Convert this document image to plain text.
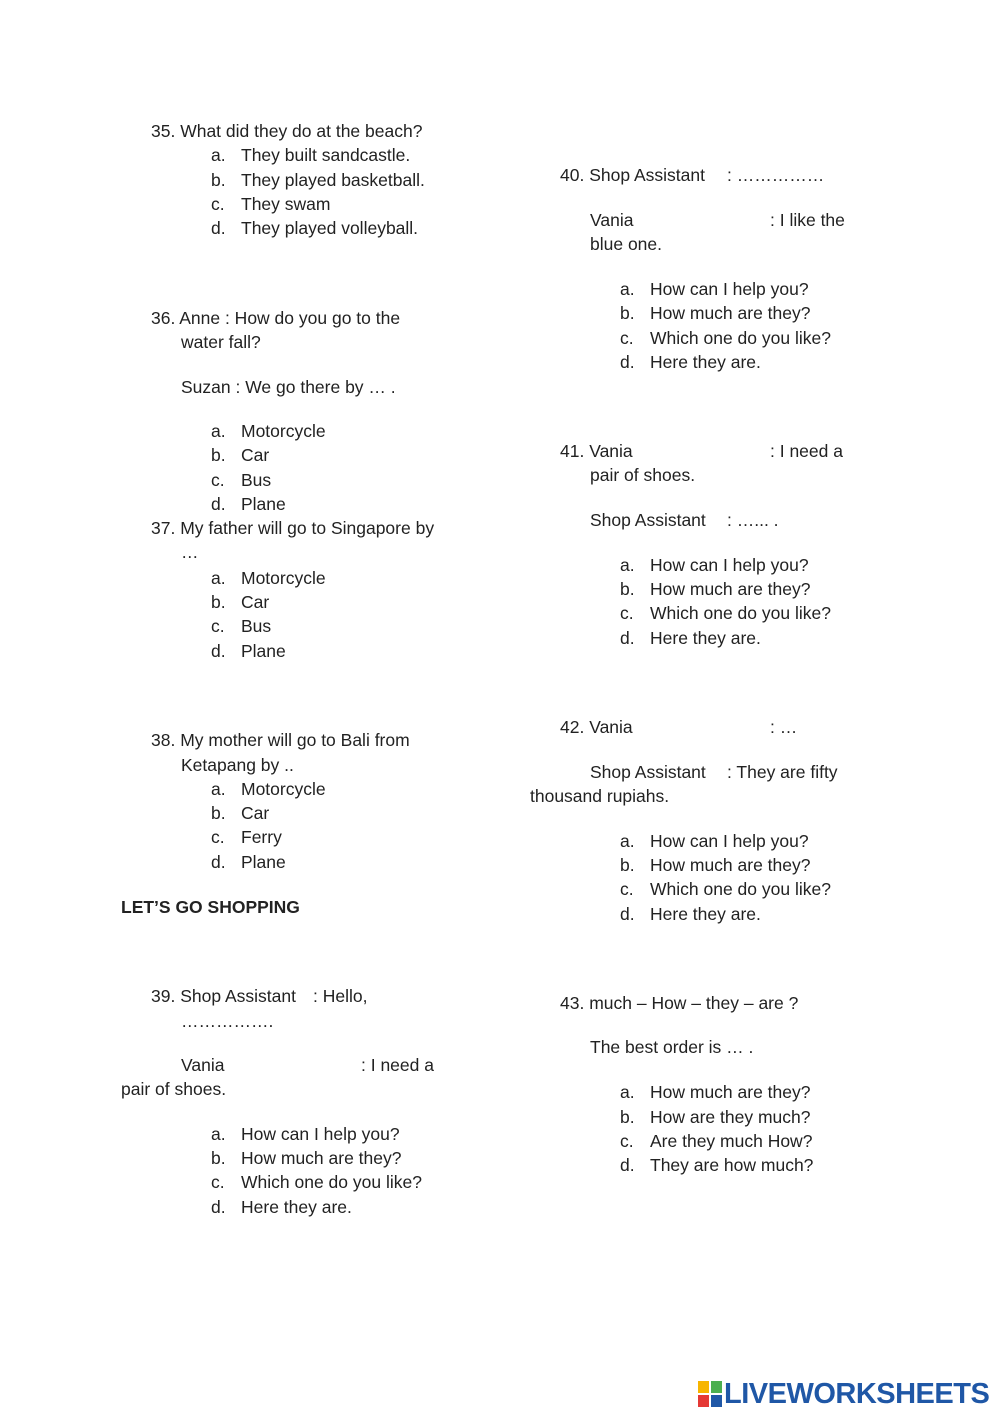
35. What did they do at the beach?
a. They built sandcastle.
b. They played basketball.
c. They swam
d. They played volleyball.
36. Anne : How do you go to the
water fall?
Suzan : We go there by … .
a. Motorcycle
b. Car
c. Bus
d. Plane
37. My father will go to Singapore by
…
a. Motorcycle
b. Car
c. Bus
d. Plane
38. My mother will go to Bali from
Ketapang by ..
a. Motorcycle
b. Car
c. Ferry
d. Plane
LET’S GO SHOPPING
39. Shop Assistant : Hello,
…………….
Vania	: I need a
pair of shoes.
a. How can I help you?
b. How much are they?
c. Which one do you like?
d. Here they are.
40. Shop Assistant : ……………
Vania	: I like the
blue one.
a. How can I help you?
b. How much are they?
c. Which one do you like?
d. Here they are.
41. Vania	: I need a
pair of shoes.
Shop Assistant : …... .
a. How can I help you?
b. How much are they?
c. Which one do you like?
d. Here they are.
42. Vania	: …
Shop Assistant : They are fifty
thousand rupiahs.
a. How can I help you?
b. How much are they?
c. Which one do you like?
d. Here they are.
43. much – How – they – are ?
The best order is … .
a. How much are they?
b. How are they much?
c. Are they much How?
d. They are how much?
LIVEWORKSHEETS
